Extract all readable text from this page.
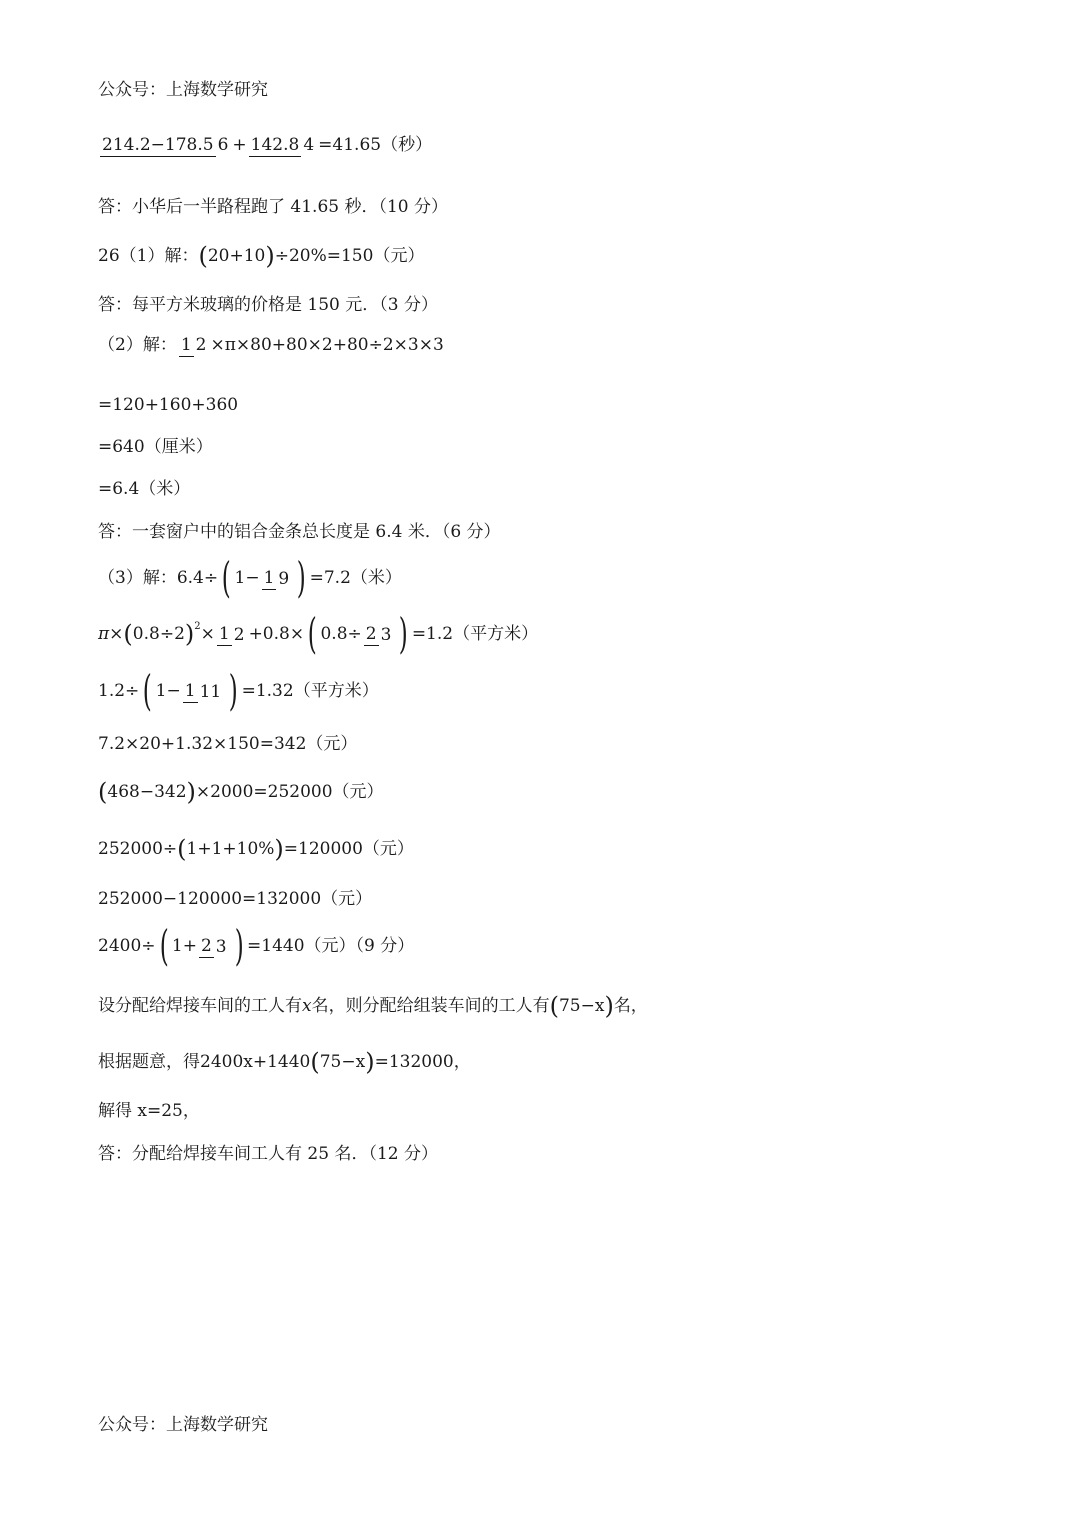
公众号：上海数学研究
214.2−178.5 6 + 142.8 4 =41.65（秒）
答：小华后一半路程跑了 41.65 秒．（10 分）
26（1）解：(20+10)÷20%=150（元）
答：每平方米玻璃的价格是 150 元．（3 分）
（2）解： 1 2 ×π×80+80×2+80÷2×3×3
=120+160+360
=640（厘米）
=6.4（米）
答：一套窗户中的铝合金条总长度是 6.4 米．（6 分）
（3）解：6.4÷( 1− 1 9 ) =7.2（米）
π×(0.8÷2)2× 1 2 +0.8×( 0.8÷ 2 3 ) =1.2（平方米）
1.2÷( 1− 1 11 ) =1.32（平方米）
7.2×20+1.32×150=342（元）
(468−342)×2000=252000（元）
252000÷(1+1+10%)=120000（元）
252000−120000=132000（元）
2400÷( 1+ 2 3 ) =1440（元）（9 分）
设分配给焊接车间的工人有x名，则分配给组装车间的工人有(75−x)名，
根据题意，得2400x+1440(75−x)=132000，
解得 x=25，
答：分配给焊接车间工人有 25 名．（12 分）
公众号：上海数学研究
